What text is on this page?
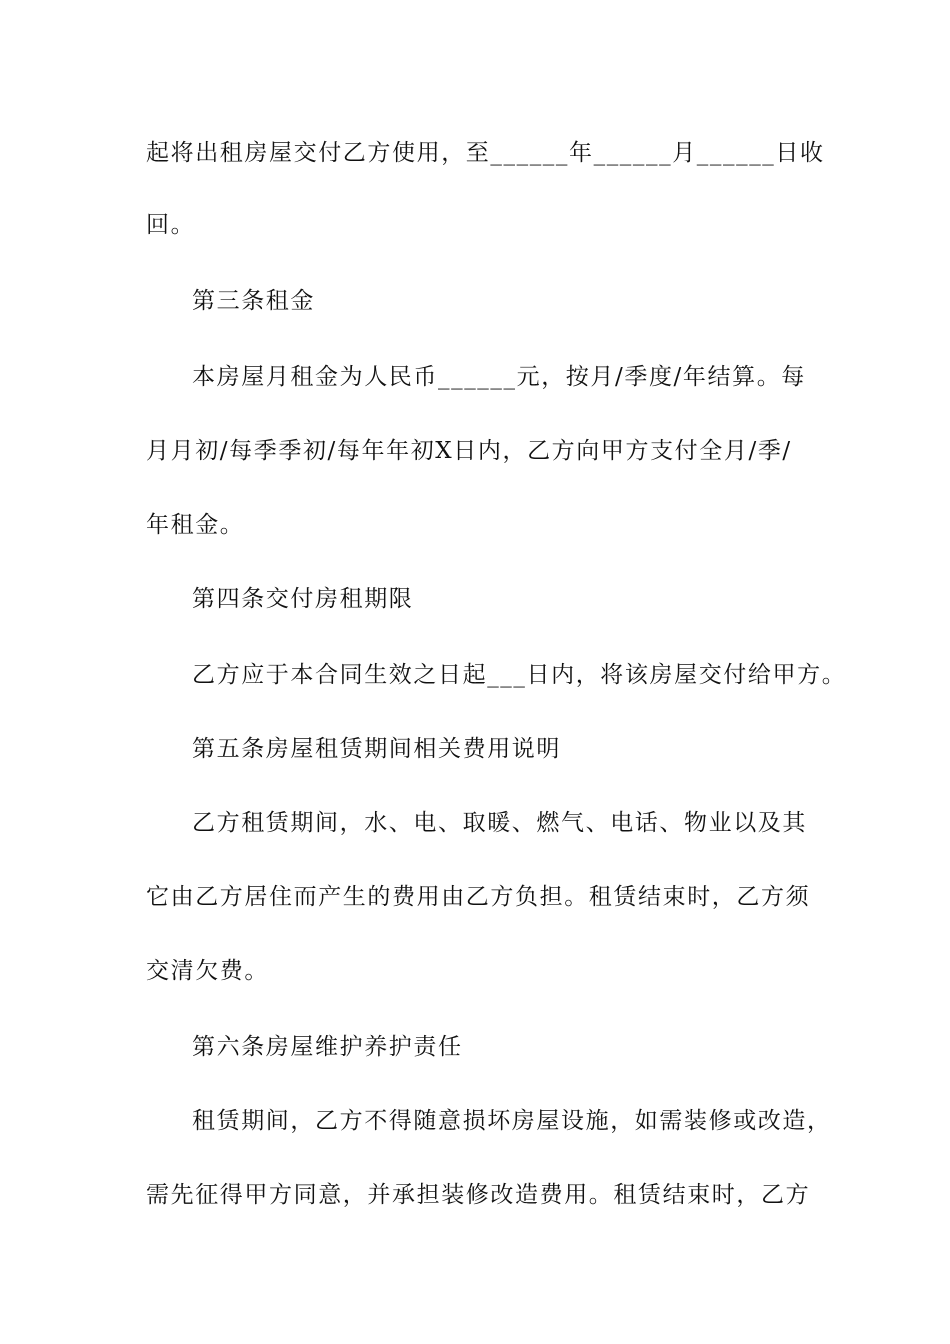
起将出租房屋交付乙方使用，至______年______月______日收
回。
第三条租金
本房屋月租金为人民币______元，按月/季度/年结算。每
月月初/每季季初/每年年初X日内，乙方向甲方支付全月/季/
年租金。
第四条交付房租期限
乙方应于本合同生效之日起___日内，将该房屋交付给甲方。
第五条房屋租赁期间相关费用说明
乙方租赁期间，水、电、取暖、燃气、电话、物业以及其
它由乙方居住而产生的费用由乙方负担。租赁结束时，乙方须
交清欠费。
第六条房屋维护养护责任
租赁期间，乙方不得随意损坏房屋设施，如需装修或改造，
需先征得甲方同意，并承担装修改造费用。租赁结束时，乙方
